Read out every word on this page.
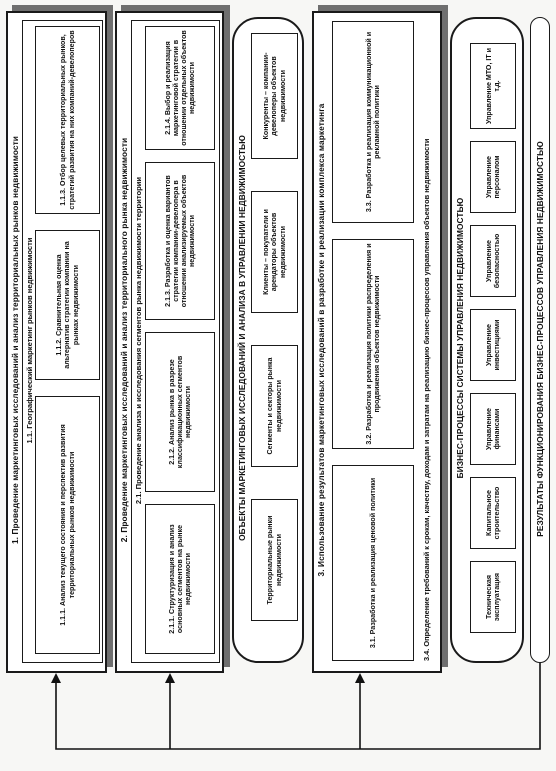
1. Проведение маркетинговых исследований и анализ территориальных рынков недвижимости 1.1. Географический маркетинг рынков недвижимости
1.1.1. Анализ текущего состояния и перспектив развития территориальных рынков недвижимости
1.1.2. Сравнительная оценка альтернатив стратегии компании на рынках недвижимости
1.1.3. Отбор целевых территориальных рынков, стратегий развития на них компаний-девелоперов
2. Проведение маркетинговых исследований и анализ территориального рынка недвижимости 2.1. Проведение анализа и исследования сегментов рынка недвижимости территории
2.1.1. Структуризация и анализ основных сегментов на рынке недвижимости
2.1.2. Анализ рынка в разрезе классификационных сегментов недвижимости
2.1.3. Разработка и оценка вариантов стратегии компании-девелопера в отношении анализируемых объектов недвижимости
2.1.4. Выбор и реализация маркетинговой стратегии в отношении отдельных объектов недвижимости
ОБЪЕКТЫ МАРКЕТИНГОВЫХ ИССЛЕДОВАНИЙ И АНАЛИЗА В УПРАВЛЕНИИ НЕДВИЖИМОСТЬЮ
Территориальные рынки недвижимости
Сегменты и секторы рынка недвижимости
Клиенты – покупатели и арендаторы объектов недвижимости
Конкуренты – компании-девелоперы объектов недвижимости
3. Использование результатов маркетинговых исследований в разработке и реализации комплекса маркетинга	3.1. Разработка и реализация ценовой политики
3.2. Разработка и реализация политики распределения и продвижения объектов недвижимости
3.3. Разработка и реализация коммуникационной и рекламной политики
3.4. Определение требований к срокам, качеству, доходам и затратам на реализацию бизнес-процессов управления объектов недвижимости	БИЗНЕС-ПРОЦЕССЫ СИСТЕМЫ УПРАВЛЕНИЯ НЕДВИЖИМОСТЬЮ
Техническая эксплуатация
Капитальное строительство
Управление финансами
Управление инвестициями
Управление безопасностью
Управление персоналом
Управление МТО, IT и т.д.
РЕЗУЛЬТАТЫ ФУНКЦИОНИРОВАНИЯ БИЗНЕС-ПРОЦЕССОВ УПРАВЛЕНИЯ НЕДВИЖИМОСТЬЮ
